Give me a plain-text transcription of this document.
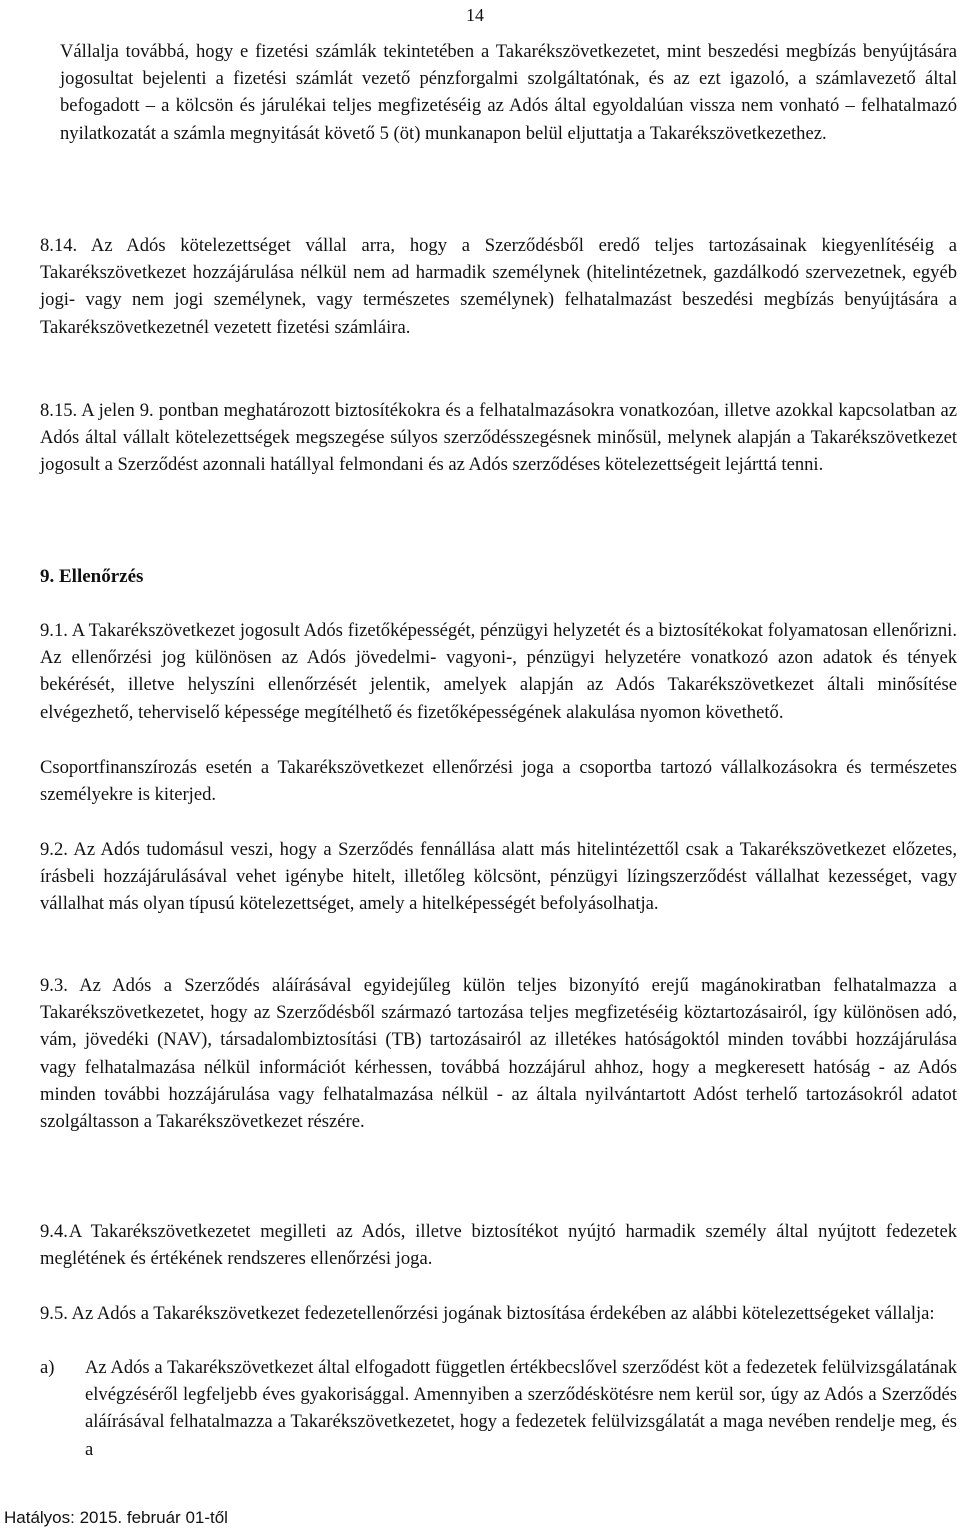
14
Vállalja továbbá, hogy e fizetési számlák tekintetében a Takarékszövetkezetet, mint beszedési megbízás benyújtására jogosultat bejelenti a fizetési számlát vezető pénzforgalmi szolgáltatónak, és az ezt igazoló, a számlavezető által befogadott – a kölcsön és járulékai teljes megfizetéséig az Adós által egyoldalúan vissza nem vonható – felhatalmazó nyilatkozatát a számla megnyitását követő 5 (öt) munkanapon belül eljuttatja a Takarékszövetkezethez.
8.14. Az Adós kötelezettséget vállal arra, hogy a Szerződésből eredő teljes tartozásainak kiegyenlítéséig a Takarékszövetkezet hozzájárulása nélkül nem ad harmadik személynek (hitelintézetnek, gazdálkodó szervezetnek, egyéb jogi- vagy nem jogi személynek, vagy természetes személynek) felhatalmazást beszedési megbízás benyújtására a Takarékszövetkezetnél vezetett fizetési számláira.
8.15. A jelen 9. pontban meghatározott biztosítékokra és a felhatalmazásokra vonatkozóan, illetve azokkal kapcsolatban az Adós által vállalt kötelezettségek megszegése súlyos szerződésszegésnek minősül, melynek alapján a Takarékszövetkezet jogosult a Szerződést azonnali hatállyal felmondani és az Adós szerződéses kötelezettségeit lejárttá tenni.
9. Ellenőrzés
9.1. A Takarékszövetkezet jogosult Adós fizetőképességét, pénzügyi helyzetét és a biztosítékokat folyamatosan ellenőrizni. Az ellenőrzési jog különösen az Adós jövedelmi- vagyoni-, pénzügyi helyzetére vonatkozó azon adatok és tények bekérését, illetve helyszíni ellenőrzését jelentik, amelyek alapján az Adós Takarékszövetkezet általi minősítése elvégezhető, teherviselő képessége megítélhető és fizetőképességének alakulása nyomon követhető.
Csoportfinanszírozás esetén a Takarékszövetkezet ellenőrzési joga a csoportba tartozó vállalkozásokra és természetes személyekre is kiterjed.
9.2. Az Adós tudomásul veszi, hogy a Szerződés fennállása alatt más hitelintézettől csak a Takarékszövetkezet előzetes, írásbeli hozzájárulásával vehet igénybe hitelt, illetőleg kölcsönt, pénzügyi lízingszerződést vállalhat kezességet, vagy vállalhat más olyan típusú kötelezettséget, amely a hitelképességét befolyásolhatja.
9.3. Az Adós a Szerződés aláírásával egyidejűleg külön teljes bizonyító erejű magánokiratban felhatalmazza a Takarékszövetkezetet, hogy az Szerződésből származó tartozása teljes megfizetéséig köztartozásairól, így különösen adó, vám, jövedéki (NAV), társadalombiztosítási (TB) tartozásairól az illetékes hatóságoktól minden további hozzájárulása vagy felhatalmazása nélkül információt kérhessen, továbbá hozzájárul ahhoz, hogy a megkeresett hatóság - az Adós minden további hozzájárulása vagy felhatalmazása nélkül - az általa nyilvántartott Adóst terhelő tartozásokról adatot szolgáltasson a Takarékszövetkezet részére.
9.4. A Takarékszövetkezetet megilleti az Adós, illetve biztosítékot nyújtó harmadik személy által nyújtott fedezetek meglétének és értékének rendszeres ellenőrzési joga.
9.5. Az Adós a Takarékszövetkezet fedezetellenőrzési jogának biztosítása érdekében az alábbi kötelezettségeket vállalja:
a)	Az Adós a Takarékszövetkezet által elfogadott független értékbecslővel szerződést köt a fedezetek felülvizsgálatának elvégzéséről legfeljebb éves gyakorisággal. Amennyiben a szerződéskötésre nem kerül sor, úgy az Adós a Szerződés aláírásával felhatalmazza a Takarékszövetkezetet, hogy a fedezetek felülvizsgálatát a maga nevében rendelje meg, és a
Hatályos: 2015. február 01-től
